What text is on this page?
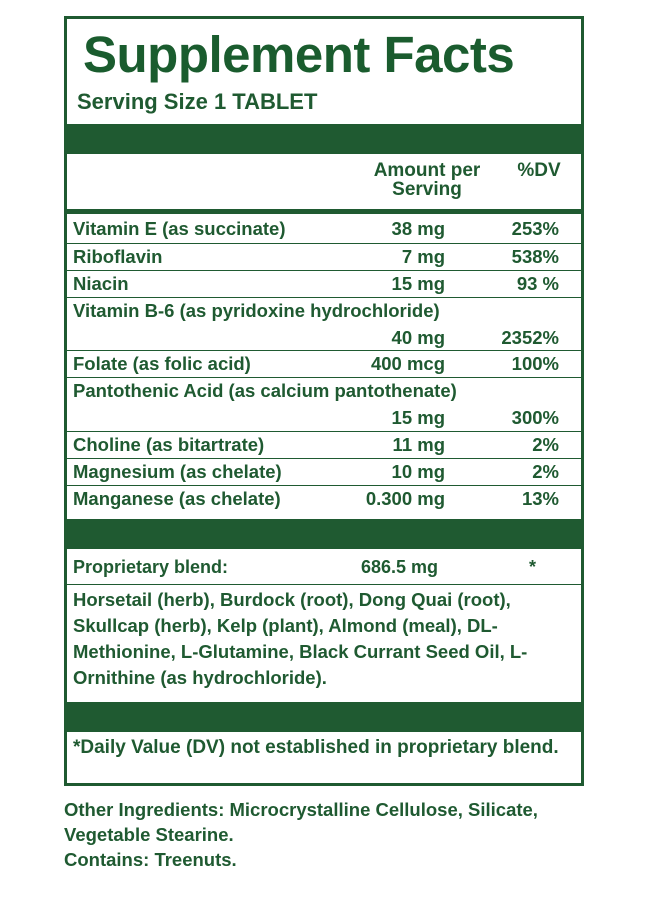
Supplement Facts
Serving Size 1 TABLET
Amount per Serving
%DV
Vitamin E (as succinate)	38 mg	253%
Riboflavin	7 mg	538%
Niacin	15 mg	93 %
Vitamin B-6 (as pyridoxine hydrochloride)
40 mg	2352%
Folate (as folic acid)	400 mcg	100%
Pantothenic Acid (as calcium pantothenate)
15 mg	300%
Choline (as bitartrate)	11 mg	2%
Magnesium (as chelate)	10 mg	2%
Manganese (as chelate)	0.300 mg	13%
Proprietary blend:	686.5 mg	*
Horsetail (herb), Burdock (root), Dong Quai (root), Skullcap (herb), Kelp (plant), Almond (meal), DL-Methionine, L-Glutamine, Black Currant Seed Oil, L-Ornithine (as hydrochloride).
*Daily Value (DV) not established in proprietary blend.
Other Ingredients: Microcrystalline Cellulose, Silicate, Vegetable Stearine.
Contains: Treenuts.
